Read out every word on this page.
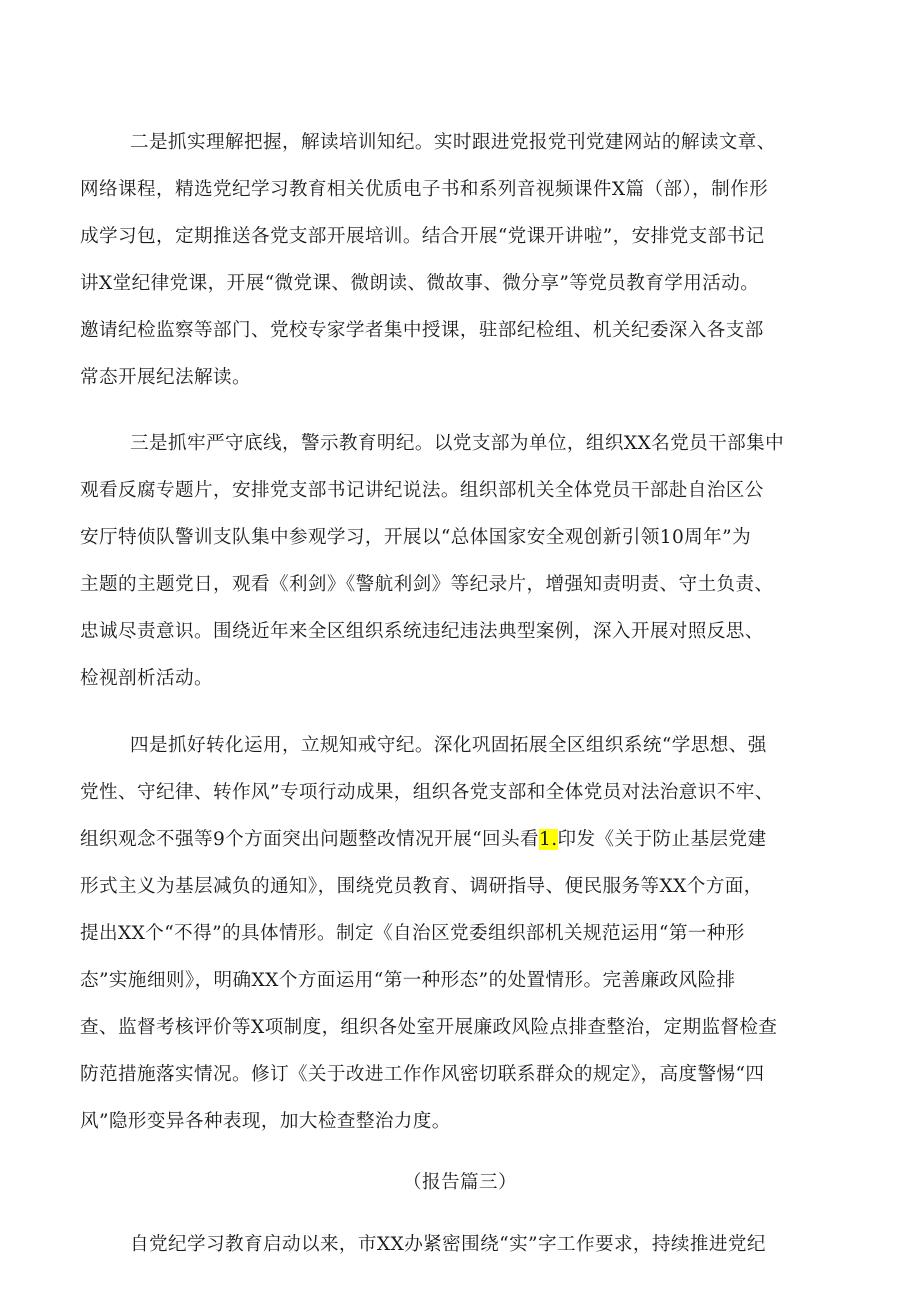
二是抓实理解把握，解读培训知纪。实时跟进党报党刊党建网站的解读文章、
网络课程，精选党纪学习教育相关优质电子书和系列音视频课件X篇（部），制作形
成学习包，定期推送各党支部开展培训。结合开展“党课开讲啦”，安排党支部书记
讲X堂纪律党课，开展“微党课、微朗读、微故事、微分享”等党员教育学用活动。
邀请纪检监察等部门、党校专家学者集中授课，驻部纪检组、机关纪委深入各支部
常态开展纪法解读。
三是抓牢严守底线，警示教育明纪。以党支部为单位，组织XX名党员干部集中
观看反腐专题片，安排党支部书记讲纪说法。组织部机关全体党员干部赴自治区公
安厅特侦队警训支队集中参观学习，开展以“总体国家安全观创新引领10周年”为
主题的主题党日，观看《利剑》《警航利剑》等纪录片，增强知责明责、守土负责、
忠诚尽责意识。围绕近年来全区组织系统违纪违法典型案例，深入开展对照反思、
检视剖析活动。
四是抓好转化运用，立规知戒守纪。深化巩固拓展全区组织系统“学思想、强
党性、守纪律、转作风”专项行动成果，组织各党支部和全体党员对法治意识不牢、
组织观念不强等9个方面突出问题整改情况开展“回头看1.印发《关于防止基层党建
形式主义为基层减负的通知》，围绕党员教育、调研指导、便民服务等XX个方面，
提出XX个“不得”的具体情形。制定《自治区党委组织部机关规范运用“第一种形
态”实施细则》，明确XX个方面运用“第一种形态”的处置情形。完善廉政风险排
查、监督考核评价等X项制度，组织各处室开展廉政风险点排查整治，定期监督检查
防范措施落实情况。修订《关于改进工作作风密切联系群众的规定》，高度警惕“四
风”隐形变异各种表现，加大检查整治力度。
（报告篇三）
自党纪学习教育启动以来，市XX办紧密围绕“实”字工作要求，持续推进党纪
